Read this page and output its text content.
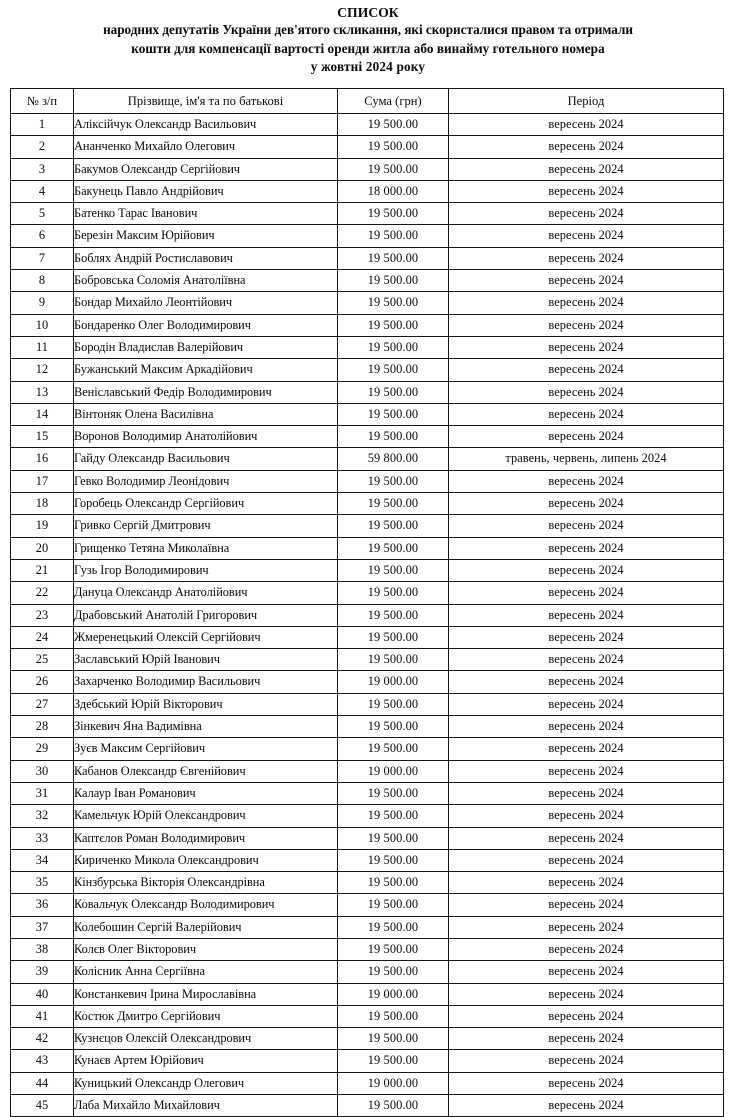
СПИСОК
народних депутатів України дев'ятого скликання, які скористалися правом та отримали
кошти для компенсації вартості оренди житла або винайму готельного номера
у жовтні 2024 року
№ з/п	Прізвище, ім'я та по батькові	Сума (грн)	Період
1	Аліксійчук Олександр Васильович	19 500.00	вересень 2024
2	Ананченко Михайло Олегович	19 500.00	вересень 2024
3	Бакумов Олександр Сергійович	19 500.00	вересень 2024
4	Бакунець Павло Андрійович	18 000.00	вересень 2024
5	Батенко Тарас Іванович	19 500.00	вересень 2024
6	Березін Максим Юрійович	19 500.00	вересень 2024
7	Боблях Андрій Ростиславович	19 500.00	вересень 2024
8	Бобровська Соломія Анатоліївна	19 500.00	вересень 2024
9	Бондар Михайло Леонтійович	19 500.00	вересень 2024
10	Бондаренко Олег Володимирович	19 500.00	вересень 2024
11	Бородін Владислав Валерійович	19 500.00	вересень 2024
12	Бужанський Максим Аркадійович	19 500.00	вересень 2024
13	Веніславський Федір Володимирович	19 500.00	вересень 2024
14	Вінтоняк Олена Василівна	19 500.00	вересень 2024
15	Воронов Володимир Анатолійович	19 500.00	вересень 2024
16	Гайду Олександр Васильович	59 800.00	травень, червень, липень 2024
17	Гевко Володимир Леонідович	19 500.00	вересень 2024
18	Горобець Олександр Сергійович	19 500.00	вересень 2024
19	Гривко Сергій Дмитрович	19 500.00	вересень 2024
20	Грищенко Тетяна Миколаївна	19 500.00	вересень 2024
21	Гузь Ігор Володимирович	19 500.00	вересень 2024
22	Дануца Олександр Анатолійович	19 500.00	вересень 2024
23	Драбовський Анатолій Григорович	19 500.00	вересень 2024
24	Жмеренецький Олексій Сергійович	19 500.00	вересень 2024
25	Заславський Юрій Іванович	19 500.00	вересень 2024
26	Захарченко Володимир Васильович	19 000.00	вересень 2024
27	Здебський Юрій Вікторович	19 500.00	вересень 2024
28	Зінкевич Яна Вадимівна	19 500.00	вересень 2024
29	Зуєв Максим Сергійович	19 500.00	вересень 2024
30	Кабанов Олександр Євгенійович	19 000.00	вересень 2024
31	Калаур Іван Романович	19 500.00	вересень 2024
32	Камельчук Юрій Олександрович	19 500.00	вересень 2024
33	Каптєлов Роман Володимирович	19 500.00	вересень 2024
34	Кириченко Микола Олександрович	19 500.00	вересень 2024
35	Кінзбурська Вікторія Олександрівна	19 500.00	вересень 2024
36	Ковальчук Олександр Володимирович	19 500.00	вересень 2024
37	Колебошин Сергій Валерійович	19 500.00	вересень 2024
38	Колєв Олег Вікторович	19 500.00	вересень 2024
39	Колісник Анна Сергіївна	19 500.00	вересень 2024
40	Констанкевич Ірина Мирославівна	19 000.00	вересень 2024
41	Костюк Дмитро Сергійович	19 500.00	вересень 2024
42	Кузнєцов Олексій Олександрович	19 500.00	вересень 2024
43	Кунаєв Артем Юрійович	19 500.00	вересень 2024
44	Куницький Олександр Олегович	19 000.00	вересень 2024
45	Лаба Михайло Михайлович	19 500.00	вересень 2024
